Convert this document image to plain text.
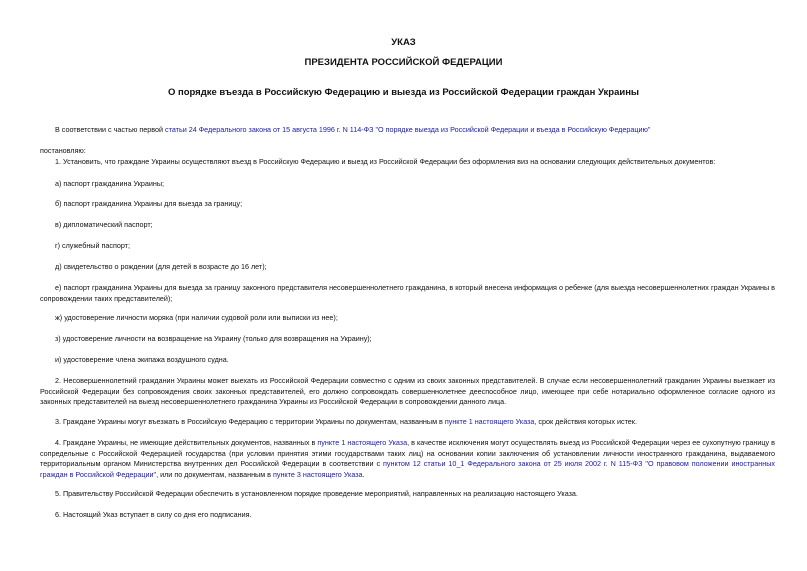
УКАЗ
ПРЕЗИДЕНТА РОССИЙСКОЙ ФЕДЕРАЦИИ
О порядке въезда в Российскую Федерацию и выезда из Российской Федерации граждан Украины
В соответствии с частью первой статьи 24 Федерального закона от 15 августа 1996 г. N 114-ФЗ "О порядке выезда из Российской Федерации и въезда в Российскую Федерацию"
постановляю:
1. Установить, что граждане Украины осуществляют въезд в Российскую Федерацию и выезд из Российской Федерации без оформления виз на основании следующих действительных документов:
а) паспорт гражданина Украины;
б) паспорт гражданина Украины для выезда за границу;
в) дипломатический паспорт;
г) служебный паспорт;
д) свидетельство о рождении (для детей в возрасте до 16 лет);
е) паспорт гражданина Украины для выезда за границу законного представителя несовершеннолетнего гражданина, в который внесена информация о ребенке (для выезда несовершеннолетних граждан Украины в сопровождении таких представителей);
ж) удостоверение личности моряка (при наличии судовой роли или выписки из нее);
з) удостоверение личности на возвращение на Украину (только для возвращения на Украину);
и) удостоверение члена экипажа воздушного судна.
2. Несовершеннолетний гражданин Украины может выехать из Российской Федерации совместно с одним из своих законных представителей. В случае если несовершеннолетний гражданин Украины выезжает из Российской Федерации без сопровождения своих законных представителей, его должно сопровождать совершеннолетнее дееспособное лицо, имеющее при себе нотариально оформленное согласие одного из законных представителей на выезд несовершеннолетнего гражданина Украины из Российской Федерации в сопровождении данного лица.
3. Граждане Украины могут въезжать в Российскую Федерацию с территории Украины по документам, названным в пункте 1 настоящего Указа, срок действия которых истек.
4. Граждане Украины, не имеющие действительных документов, названных в пункте 1 настоящего Указа, в качестве исключения могут осуществлять выезд из Российской Федерации через ее сухопутную границу в сопредельные с Российской Федерацией государства (при условии принятия этими государствами таких лиц) на основании копии заключения об установлении личности иностранного гражданина, выдаваемого территориальным органом Министерства внутренних дел Российской Федерации в соответствии с пунктом 12 статьи 10_1 Федерального закона от 25 июля 2002 г. N 115-ФЗ "О правовом положении иностранных граждан в Российской Федерации", или по документам, названным в пункте 3 настоящего Указа.
5. Правительству Российской Федерации обеспечить в установленном порядке проведение мероприятий, направленных на реализацию настоящего Указа.
6. Настоящий Указ вступает в силу со дня его подписания.
